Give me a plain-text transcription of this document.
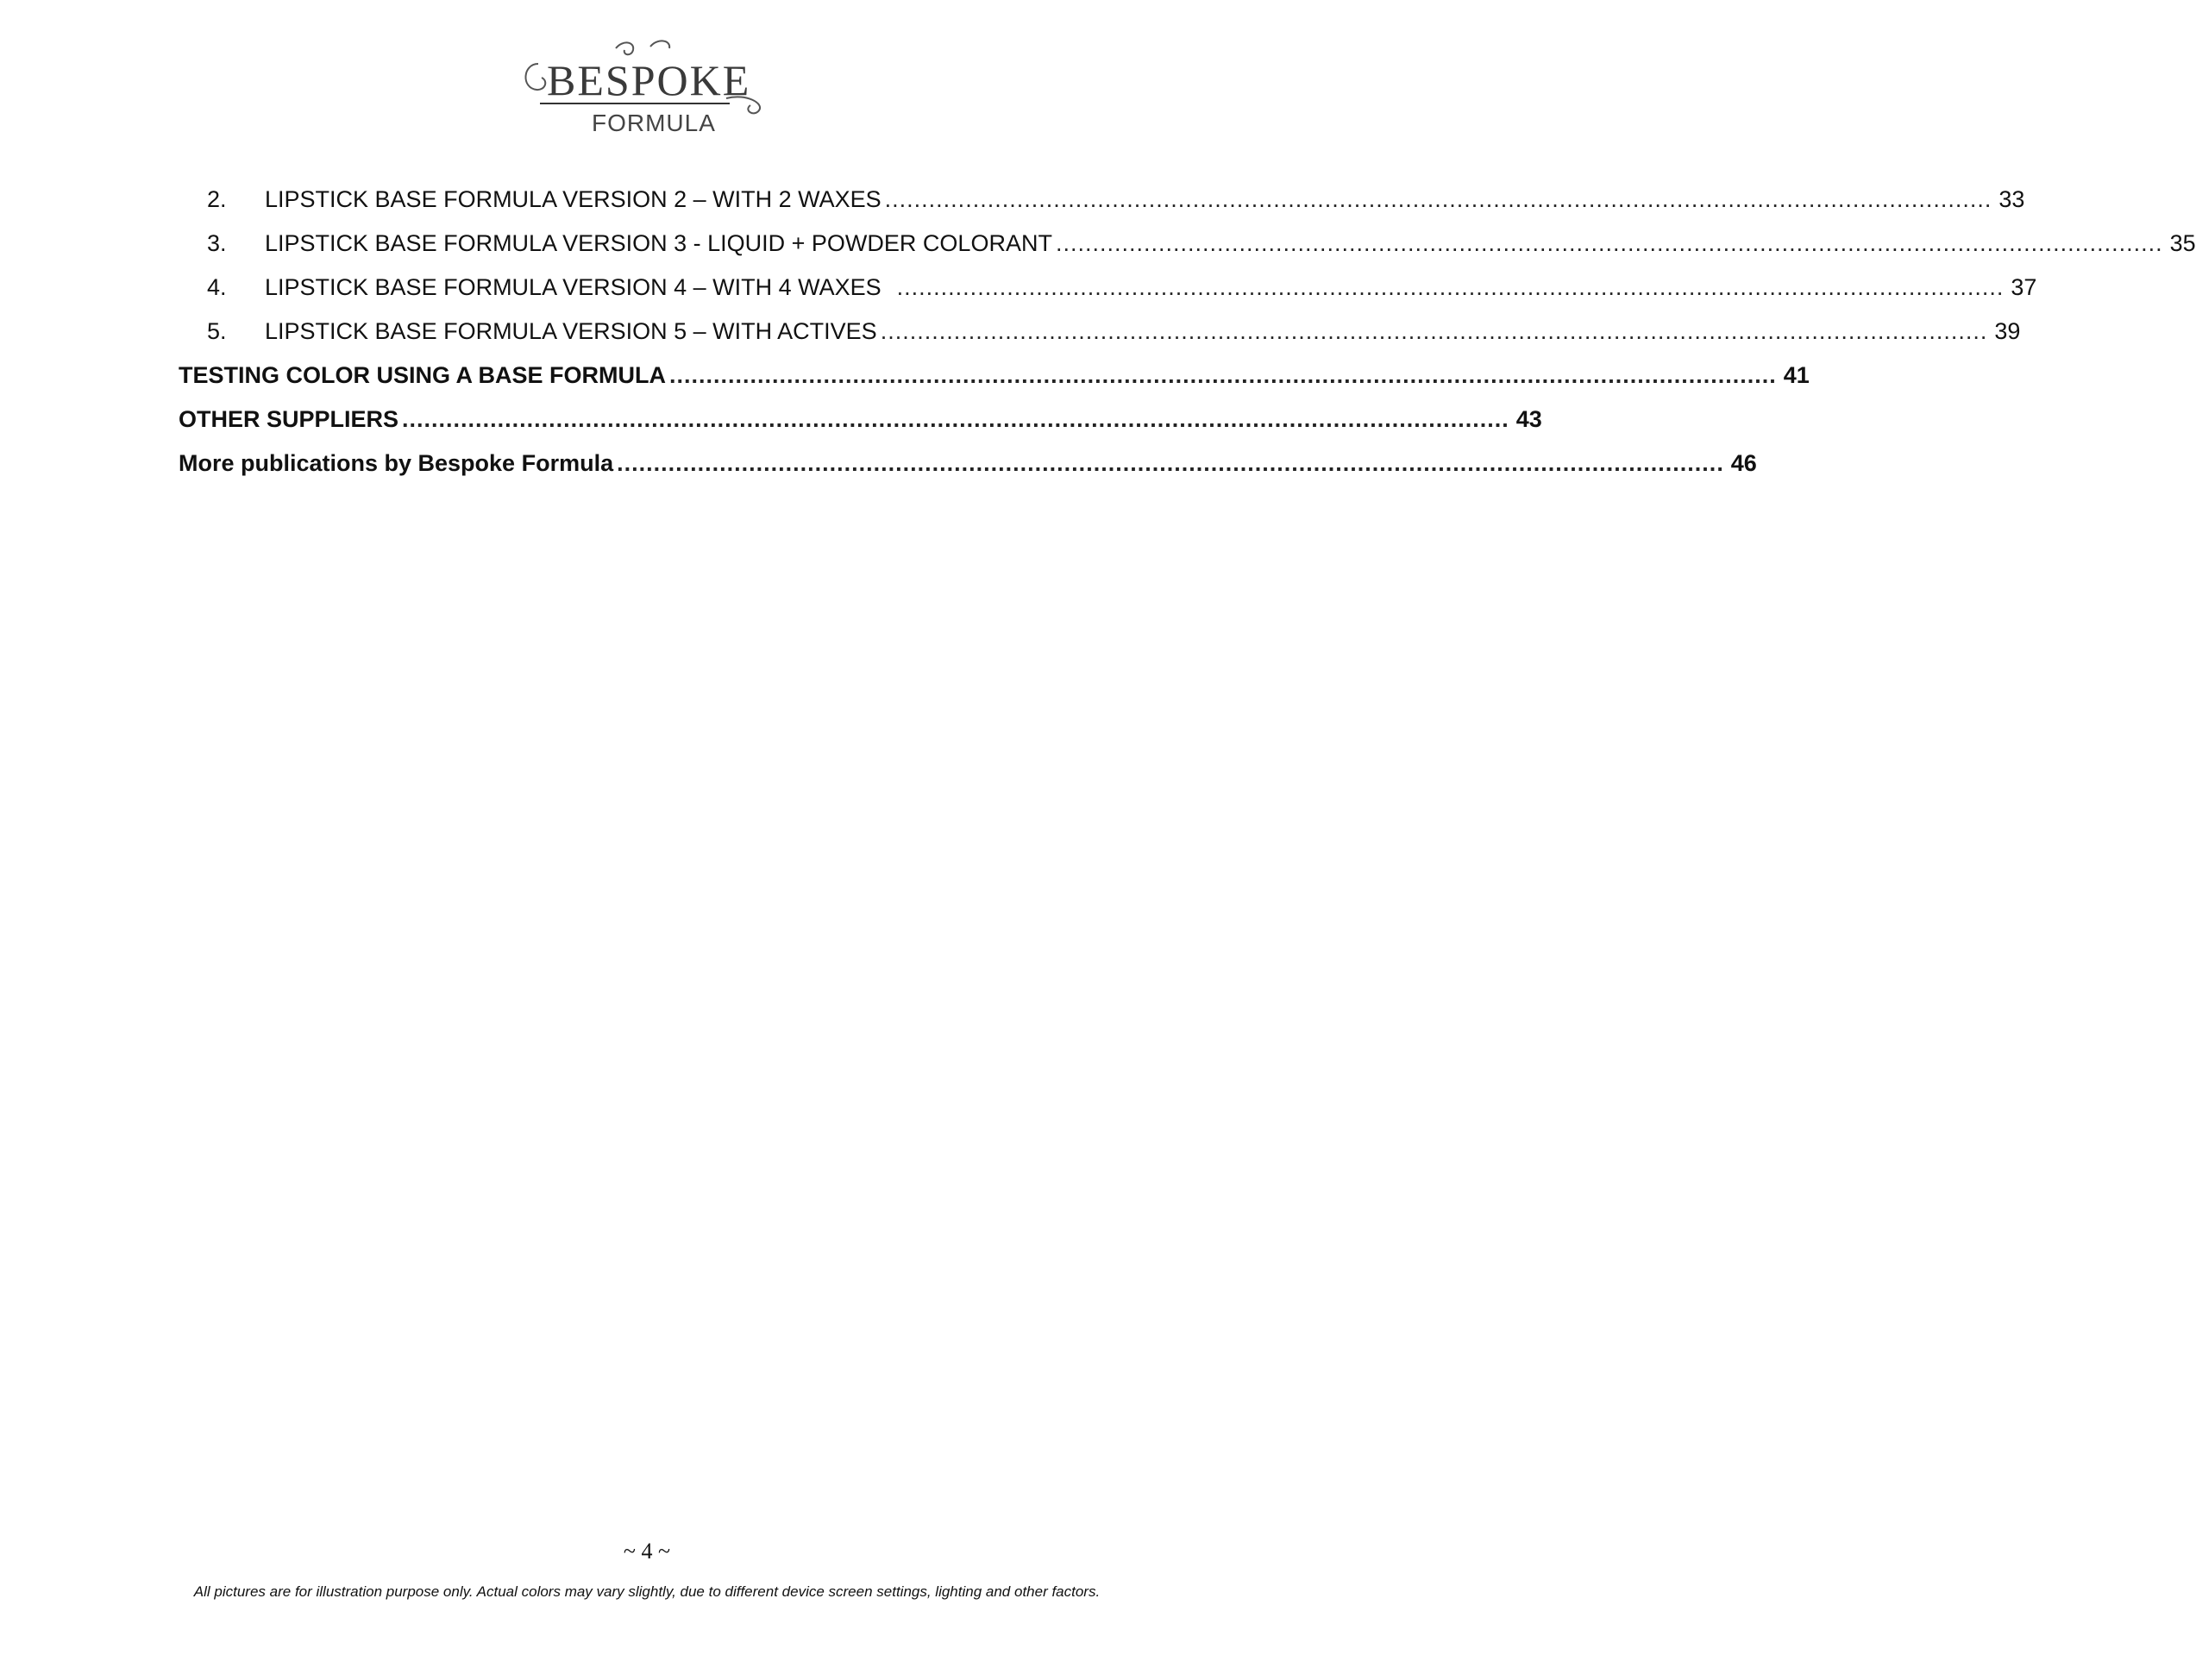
BESPOKE
FORMULA
2.	LIPSTICK BASE FORMULA VERSION 2 – WITH 2 WAXES ....................................................................................................................................................... 33
3.	LIPSTICK BASE FORMULA VERSION 3 - LIQUID + POWDER COLORANT ....................................................................................................................................................... 35
4.	LIPSTICK BASE FORMULA VERSION 4 – WITH 4 WAXES ....................................................................................................................................................... 37
5.	LIPSTICK BASE FORMULA VERSION 5 – WITH ACTIVES ....................................................................................................................................................... 39
TESTING COLOR USING A BASE FORMULA ....................................................................................................................................................... 41
OTHER SUPPLIERS ....................................................................................................................................................... 43
More publications by Bespoke Formula ....................................................................................................................................................... 46
~ 4 ~
All pictures are for illustration purpose only. Actual colors may vary slightly, due to different device screen settings, lighting and other factors.
